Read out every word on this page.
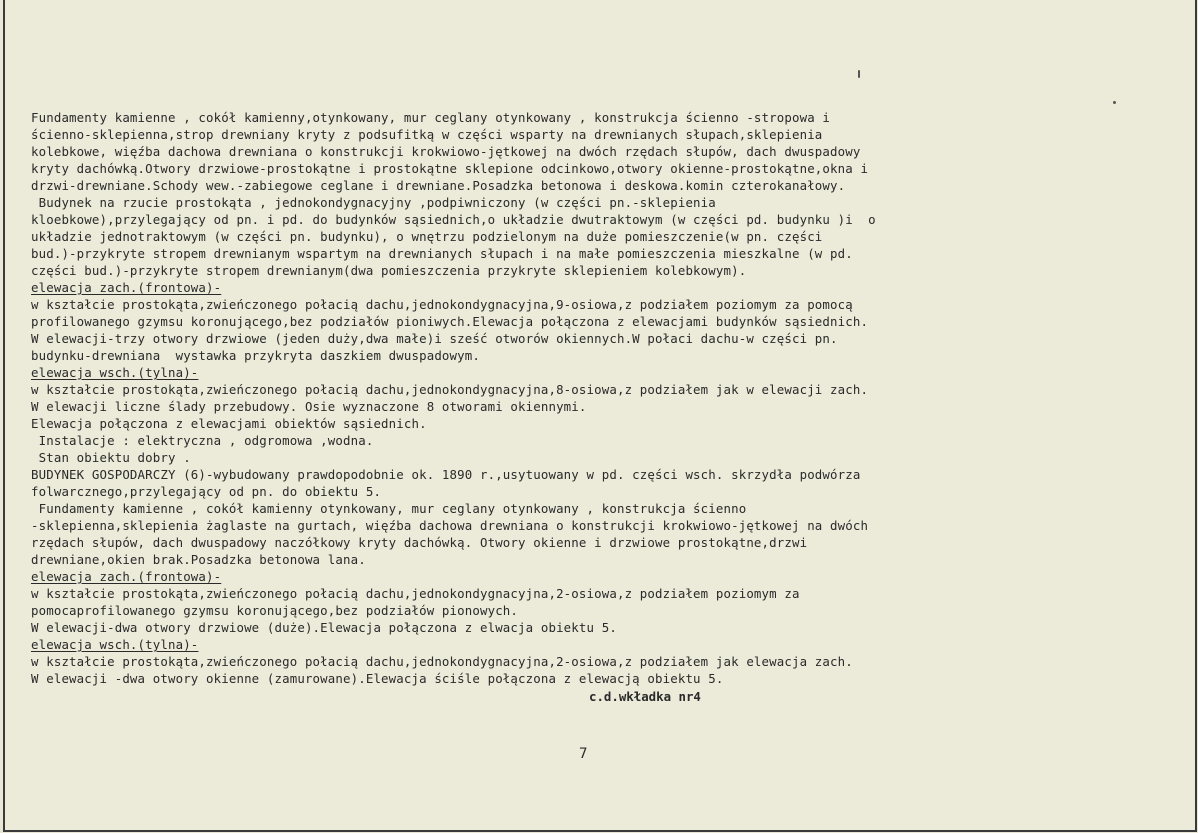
Fundamenty kamienne , cokół kamienny,otynkowany, mur ceglany otynkowany , konstrukcja ścienno -stropowa i
ścienno-sklepienna,strop drewniany kryty z podsufitką w części wsparty na drewnianych słupach,sklepienia
kolebkowe, więźba dachowa drewniana o konstrukcji krokwiowo-jętkowej na dwóch rzędach słupów, dach dwuspadowy
kryty dachówką.Otwory drzwiowe-prostokątne i prostokątne sklepione odcinkowo,otwory okienne-prostokątne,okna i
drzwi-drewniane.Schody wew.-zabiegowe ceglane i drewniane.Posadzka betonowa i deskowa.komin czterokanałowy.
Budynek na rzucie prostokąta , jednokondygnacyjny ,podpiwniczony (w części pn.-sklepienia
kloebkowe),przylegający od pn. i pd. do budynków sąsiednich,o układzie dwutraktowym (w części pd. budynku )i  o
układzie jednotraktowym (w części pn. budynku), o wnętrzu podzielonym na duże pomieszczenie(w pn. części
bud.)-przykryte stropem drewnianym wspartym na drewnianych słupach i na małe pomieszczenia mieszkalne (w pd.
części bud.)-przykryte stropem drewnianym(dwa pomieszczenia przykryte sklepieniem kolebkowym).
elewacja zach.(frontowa)-
w kształcie prostokąta,zwieńczonego połacią dachu,jednokondygnacyjna,9-osiowa,z podziałem poziomym za pomocą
profilowanego gzymsu koronującego,bez podziałów pioniwych.Elewacja połączona z elewacjami budynków sąsiednich.
W elewacji-trzy otwory drzwiowe (jeden duży,dwa małe)i sześć otworów okiennych.W połaci dachu-w części pn.
budynku-drewniana  wystawka przykryta daszkiem dwuspadowym.
elewacja wsch.(tylna)-
w kształcie prostokąta,zwieńczonego połacią dachu,jednokondygnacyjna,8-osiowa,z podziałem jak w elewacji zach.
W elewacji liczne ślady przebudowy. Osie wyznaczone 8 otworami okiennymi.
Elewacja połączona z elewacjami obiektów sąsiednich.
Instalacje : elektryczna , odgromowa ,wodna.
Stan obiektu dobry .
BUDYNEK GOSPODARCZY (6)-wybudowany prawdopodobnie ok. 1890 r.,usytuowany w pd. części wsch. skrzydła podwórza
folwarcznego,przylegający od pn. do obiektu 5.
Fundamenty kamienne , cokół kamienny otynkowany, mur ceglany otynkowany , konstrukcja ścienno
-sklepienna,sklepienia żaglaste na gurtach, więźba dachowa drewniana o konstrukcji krokwiowo-jętkowej na dwóch
rzędach słupów, dach dwuspadowy naczółkowy kryty dachówką. Otwory okienne i drzwiowe prostokątne,drzwi
drewniane,okien brak.Posadzka betonowa lana.
elewacja zach.(frontowa)-
w kształcie prostokąta,zwieńczonego połacią dachu,jednokondygnacyjna,2-osiowa,z podziałem poziomym za
pomocaprofilowanego gzymsu koronującego,bez podziałów pionowych.
W elewacji-dwa otwory drzwiowe (duże).Elewacja połączona z elwacja obiektu 5.
elewacja wsch.(tylna)-
w kształcie prostokąta,zwieńczonego połacią dachu,jednokondygnacyjna,2-osiowa,z podziałem jak elewacja zach.
W elewacji -dwa otwory okienne (zamurowane).Elewacja ściśle połączona z elewacją obiektu 5.
c.d.wkładka nr4
7
